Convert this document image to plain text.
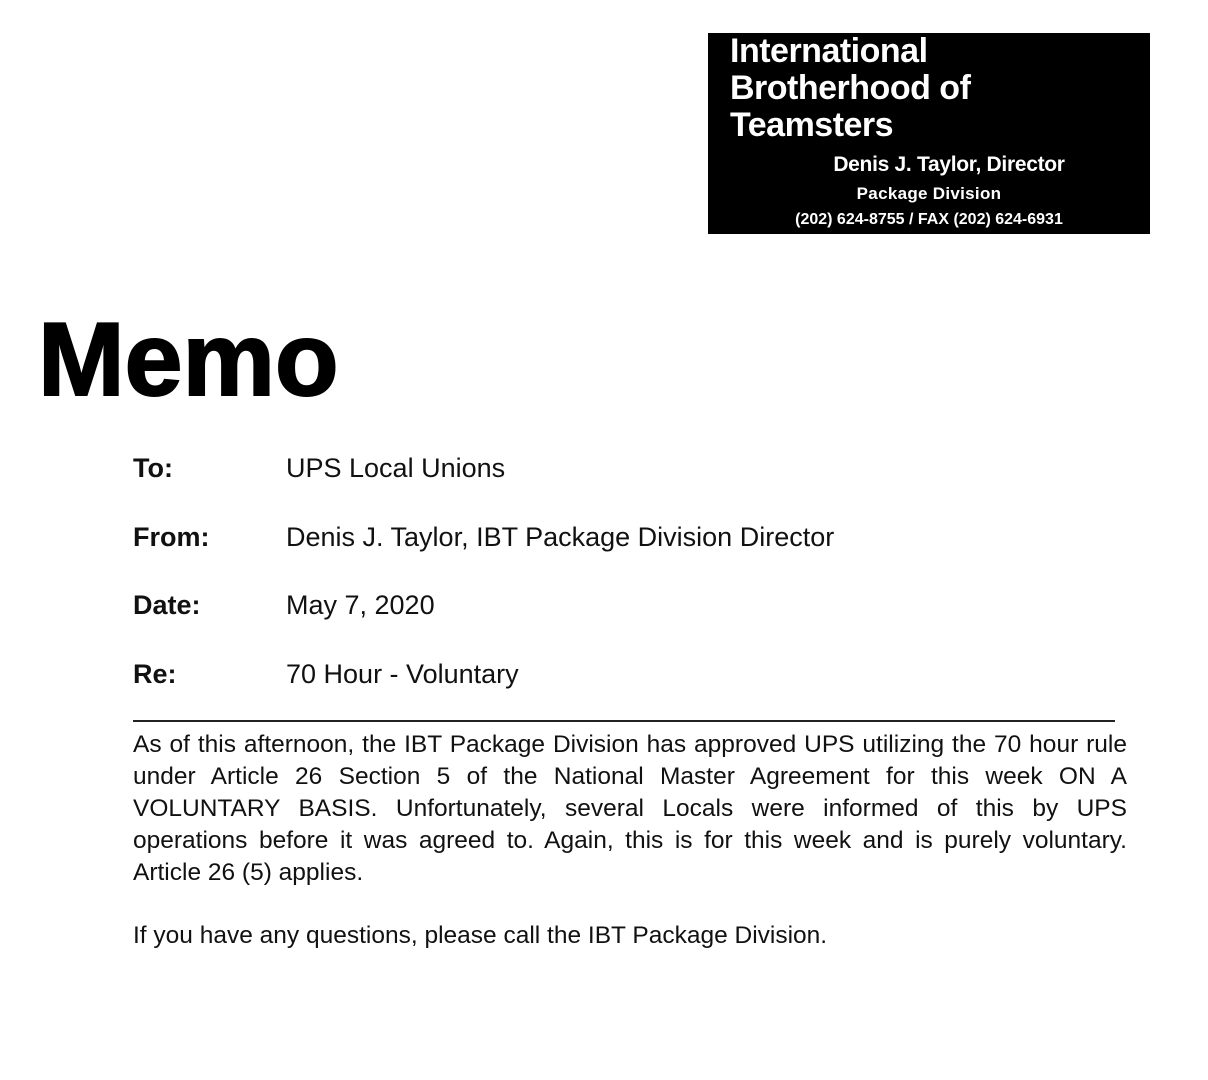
International
Brotherhood of
Teamsters
Denis J. Taylor, Director
Package Division
(202) 624-8755 / FAX (202) 624-6931
Memo
To:	UPS Local Unions
From:	Denis J. Taylor, IBT Package Division Director
Date:	May 7, 2020
Re:	70 Hour - Voluntary

As of this afternoon, the IBT Package Division has approved UPS utilizing the 70 hour rule under Article 26 Section 5 of the National Master Agreement for this week ON A VOLUNTARY BASIS. Unfortunately, several Locals were informed of this by UPS operations before it was agreed to. Again, this is for this week and is purely voluntary. Article 26 (5) applies.

If you have any questions, please call the IBT Package Division.
